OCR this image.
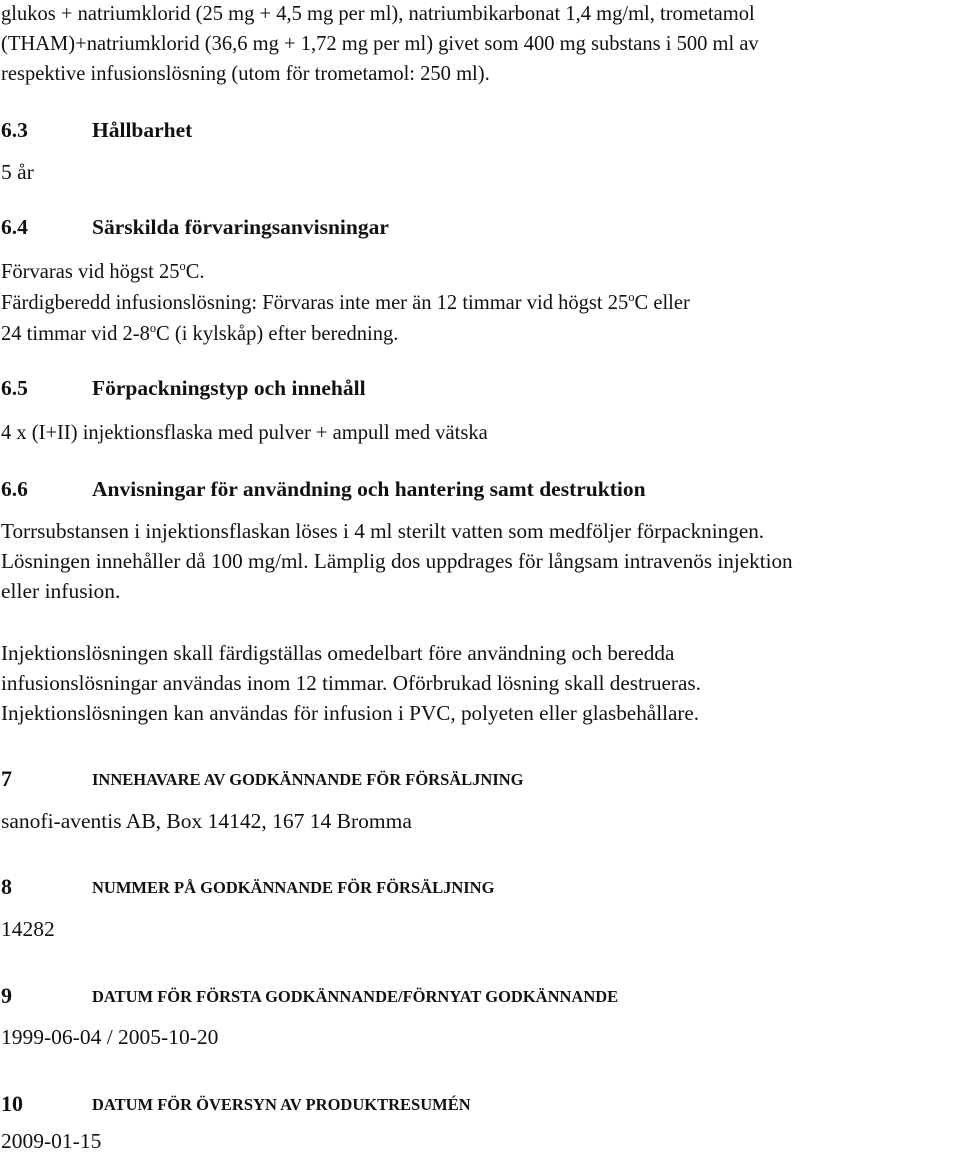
glukos + natriumklorid (25 mg + 4,5 mg per ml), natriumbikarbonat 1,4 mg/ml, trometamol
(THAM)+natriumklorid (36,6 mg + 1,72 mg per ml) givet som 400 mg substans i 500 ml av
respektive infusionslösning (utom för trometamol: 250 ml).
6.3	Hållbarhet
5 år
6.4	Särskilda förvaringsanvisningar
Förvaras vid högst 25$^o$C.
Färdigberedd infusionslösning: Förvaras inte mer än 12 timmar vid högst 25$^o$C eller
24 timmar vid 2-8$^o$C (i kylskåp) efter beredning.
6.5	Förpackningstyp och innehåll
4 x (I+II) injektionsflaska med pulver + ampull med vätska
6.6	Anvisningar för användning och hantering samt destruktion
Torrsubstansen i injektionsflaskan löses i 4 ml sterilt vatten som medföljer förpackningen.
Lösningen innehåller då 100 mg/ml. Lämplig dos uppdrages för långsam intravenös injektion
eller infusion.
Injektionslösningen skall färdigställas omedelbart före användning och beredda
infusionslösningar användas inom 12 timmar. Oförbrukad lösning skall destrueras.
Injektionslösningen kan användas för infusion i PVC, polyeten eller glasbehållare.
7	INNEHAVARE AV GODKÄNNANDE FÖR FÖRSÄLJNING
sanofi-aventis AB, Box 14142, 167 14 Bromma
8	NUMMER PÅ GODKÄNNANDE FÖR FÖRSÄLJNING
14282
9	DATUM FÖR FÖRSTA GODKÄNNANDE/FÖRNYAT GODKÄNNANDE
1999-06-04 / 2005-10-20
10	DATUM FÖR ÖVERSYN AV PRODUKTRESUMÉN
2009-01-15
